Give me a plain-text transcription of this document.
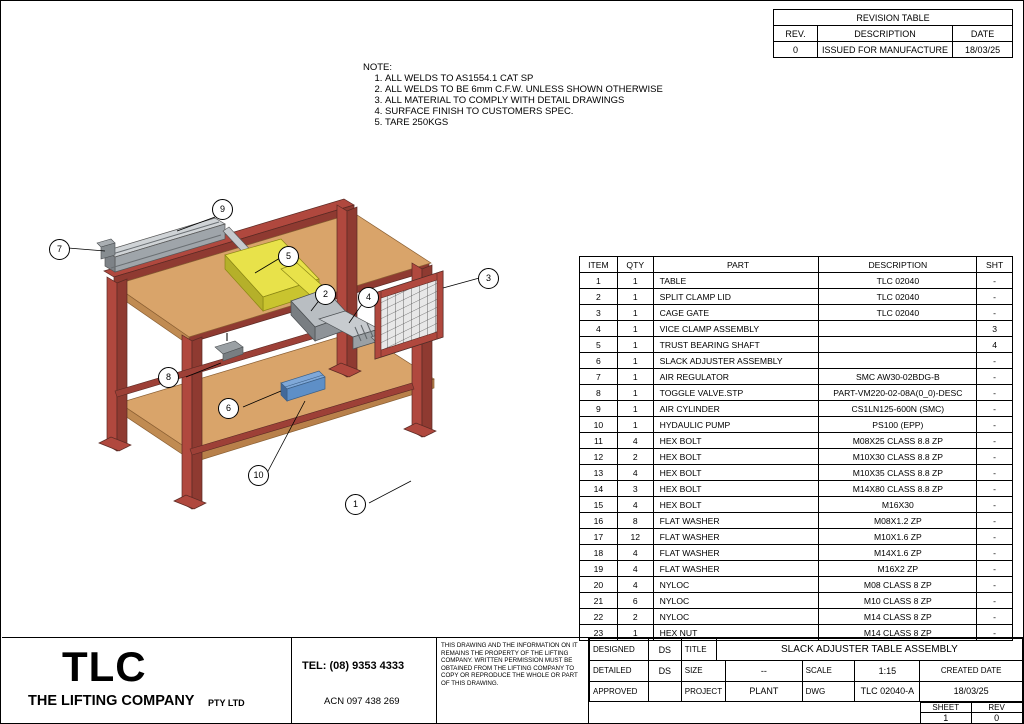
REVISION TABLE		
REV.	DESCRIPTION	DATE
0	ISSUED FOR MANUFACTURE	18/03/25
NOTE:
1. ALL WELDS TO AS1554.1 CAT SP
2. ALL WELDS TO BE 6mm C.F.W. UNLESS SHOWN OTHERWISE
3. ALL MATERIAL TO COMPLY WITH DETAIL DRAWINGS
4. SURFACE FINISH TO CUSTOMERS SPEC.
5. TARE 250KGS
9
7
5
3
2	4
8
6
10
1
ITEM	QTY	PART	DESCRIPTION	SHT
1	1	TABLE	TLC 02040	-
2	1	SPLIT CLAMP LID	TLC 02040	-
3	1	CAGE GATE	TLC 02040	-
4	1	VICE CLAMP ASSEMBLY		3
5	1	TRUST BEARING SHAFT		4
6	1	SLACK ADJUSTER ASSEMBLY		-
7	1	AIR REGULATOR	SMC AW30-02BDG-B	-
8	1	TOGGLE VALVE.STP	PART-VM220-02-08A(0_0)-DESC	-
9	1	AIR CYLINDER	CS1LN125-600N (SMC)	-
10	1	HYDAULIC PUMP	PS100 (EPP)	-
11	4	HEX BOLT	M08X25 CLASS 8.8 ZP	-
12	2	HEX BOLT	M10X30 CLASS 8.8 ZP	-
13	4	HEX BOLT	M10X35 CLASS 8.8 ZP	-
14	3	HEX BOLT	M14X80 CLASS 8.8 ZP	-
15	4	HEX BOLT	M16X30	-
16	8	FLAT WASHER	M08X1.2 ZP	-
17	12	FLAT WASHER	M10X1.6 ZP	-
18	4	FLAT WASHER	M14X1.6 ZP	-
19	4	FLAT WASHER	M16X2 ZP	-
20	4	NYLOC	M08 CLASS 8 ZP	-
21	6	NYLOC	M10 CLASS 8 ZP	-
22	2	NYLOC	M14 CLASS 8 ZP	-
23	1	HEX NUT	M14 CLASS 8 ZP	-
TLC
THE LIFTING COMPANY PTY LTD
TEL: (08) 9353 4333
ACN 097 438 269
THIS DRAWING AND THE INFORMATION ON IT REMAINS THE PROPERTY OF THE LIFTING COMPANY. WRITTEN PERMISSION MUST BE OBTAINED FROM THE LIFTING COMPANY TO COPY OR REPRODUCE THE WHOLE OR PART OF THIS DRAWING.
DESIGNED	DS	TITLE	SLACK ADJUSTER TABLE ASSEMBLY
DETAILED	DS	SIZE	--	SCALE	1:15	CREATED DATE
APPROVED		PROJECT	PLANT	DWG	TLC 02040-A	18/03/25

SHEET	REV
1	0
